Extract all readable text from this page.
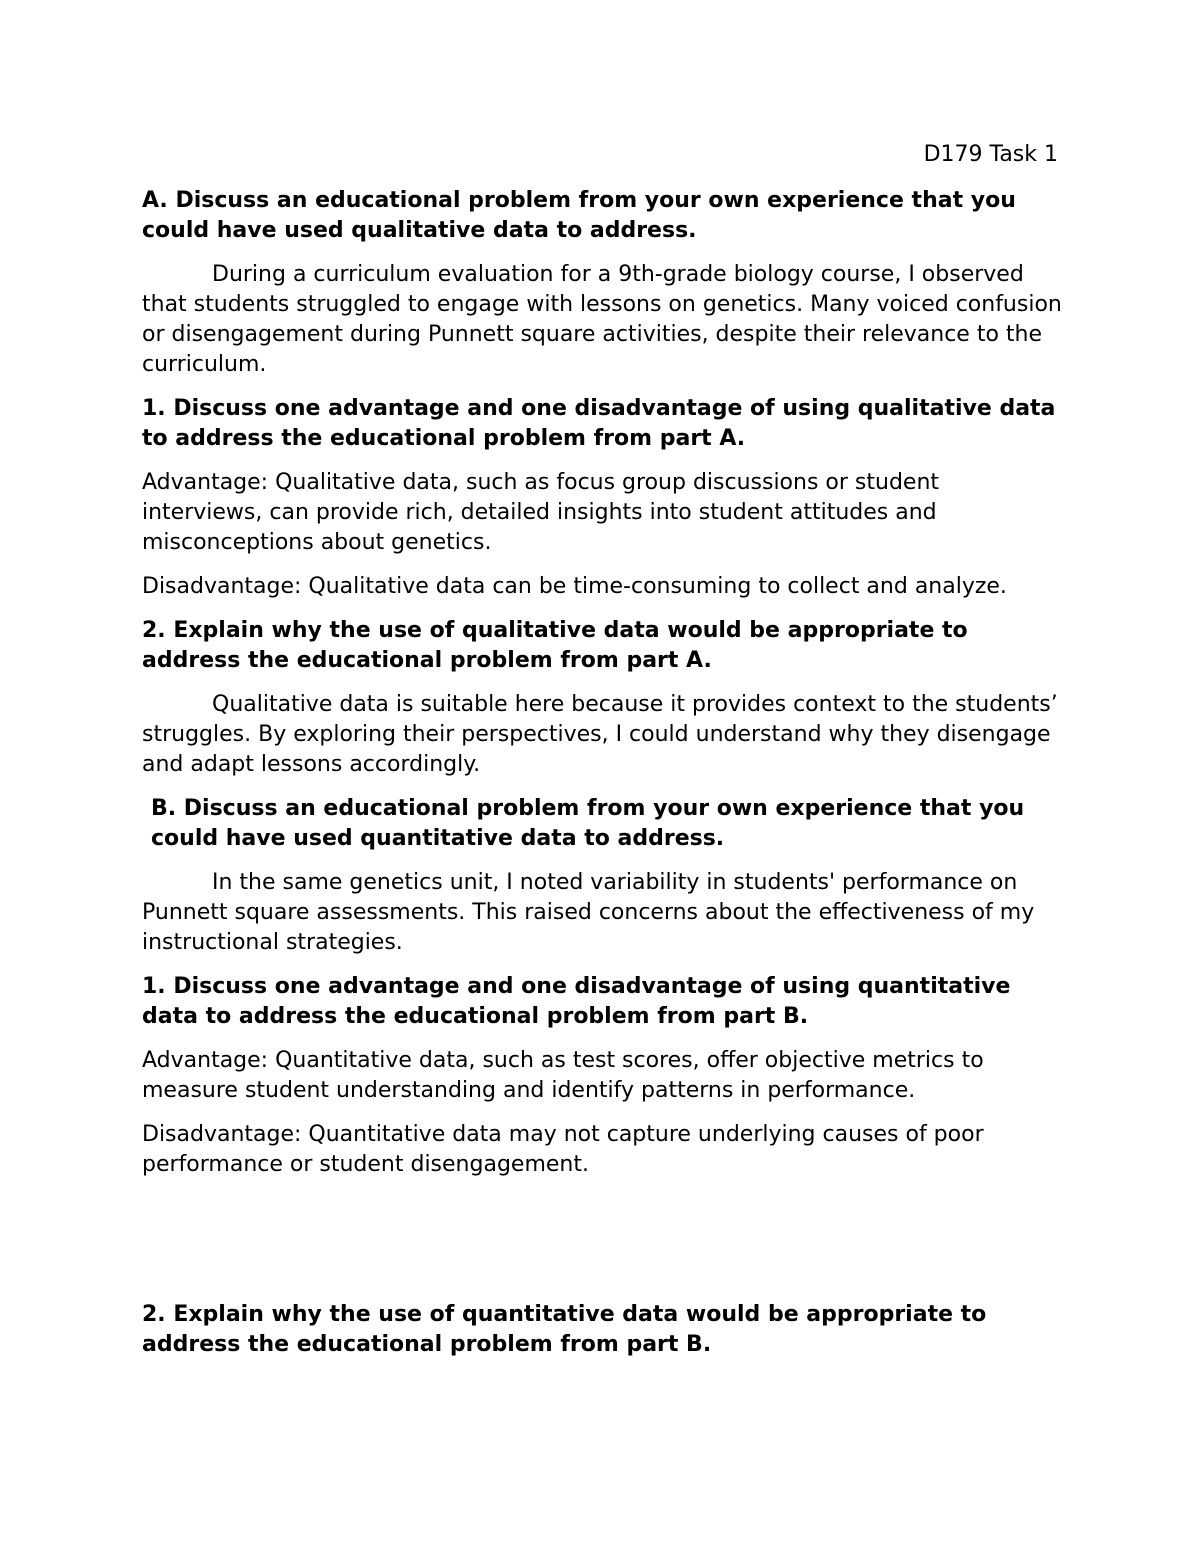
D179 Task 1
A. Discuss an educational problem from your own experience that you could have used qualitative data to address.
During a curriculum evaluation for a 9th-grade biology course, I observed that students struggled to engage with lessons on genetics. Many voiced confusion or disengagement during Punnett square activities, despite their relevance to the curriculum.
1. Discuss one advantage and one disadvantage of using qualitative data to address the educational problem from part A.
Advantage: Qualitative data, such as focus group discussions or student interviews, can provide rich, detailed insights into student attitudes and misconceptions about genetics.
Disadvantage: Qualitative data can be time-consuming to collect and analyze.
2. Explain why the use of qualitative data would be appropriate to address the educational problem from part A.
Qualitative data is suitable here because it provides context to the students’ struggles. By exploring their perspectives, I could understand why they disengage and adapt lessons accordingly.
B. Discuss an educational problem from your own experience that you could have used quantitative data to address.
In the same genetics unit, I noted variability in students' performance on Punnett square assessments. This raised concerns about the effectiveness of my instructional strategies.
1. Discuss one advantage and one disadvantage of using quantitative data to address the educational problem from part B.
Advantage: Quantitative data, such as test scores, offer objective metrics to measure student understanding and identify patterns in performance.
Disadvantage: Quantitative data may not capture underlying causes of poor performance or student disengagement.
2. Explain why the use of quantitative data would be appropriate to address the educational problem from part B.
